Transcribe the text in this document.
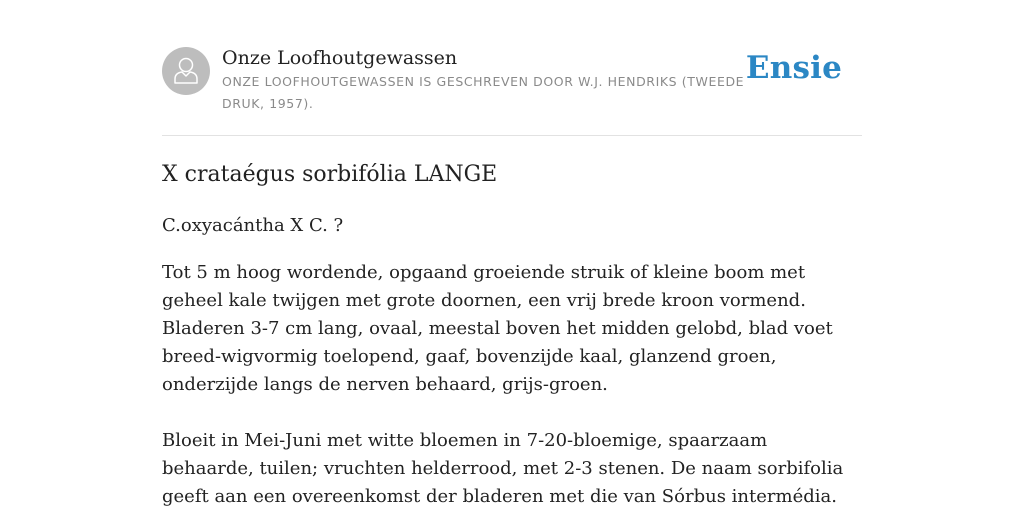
Onze Loofhoutgewassen
ONZE LOOFHOUTGEWASSEN IS GESCHREVEN DOOR W.J. HENDRIKS (TWEEDE DRUK, 1957).
Ensie
X crataégus sorbifólia LANGE

C.oxyacántha X C. ?

Tot 5 m hoog wordende, opgaand groeiende struik of kleine boom met geheel kale twijgen met grote doornen, een vrij brede kroon vormend. Bladeren 3-7 cm lang, ovaal, meestal boven het midden gelobd, blad voet breed-wigvormig toelopend, gaaf, bovenzijde kaal, glanzend groen, onderzijde langs de nerven behaard, grijs-groen.

Bloeit in Mei-Juni met witte bloemen in 7-20-bloemige, spaarzaam behaarde, tuilen; vruchten helderrood, met 2-3 stenen. De naam sorbifolia geeft aan een overeenkomst der bladeren met die van Sórbus intermédia.
